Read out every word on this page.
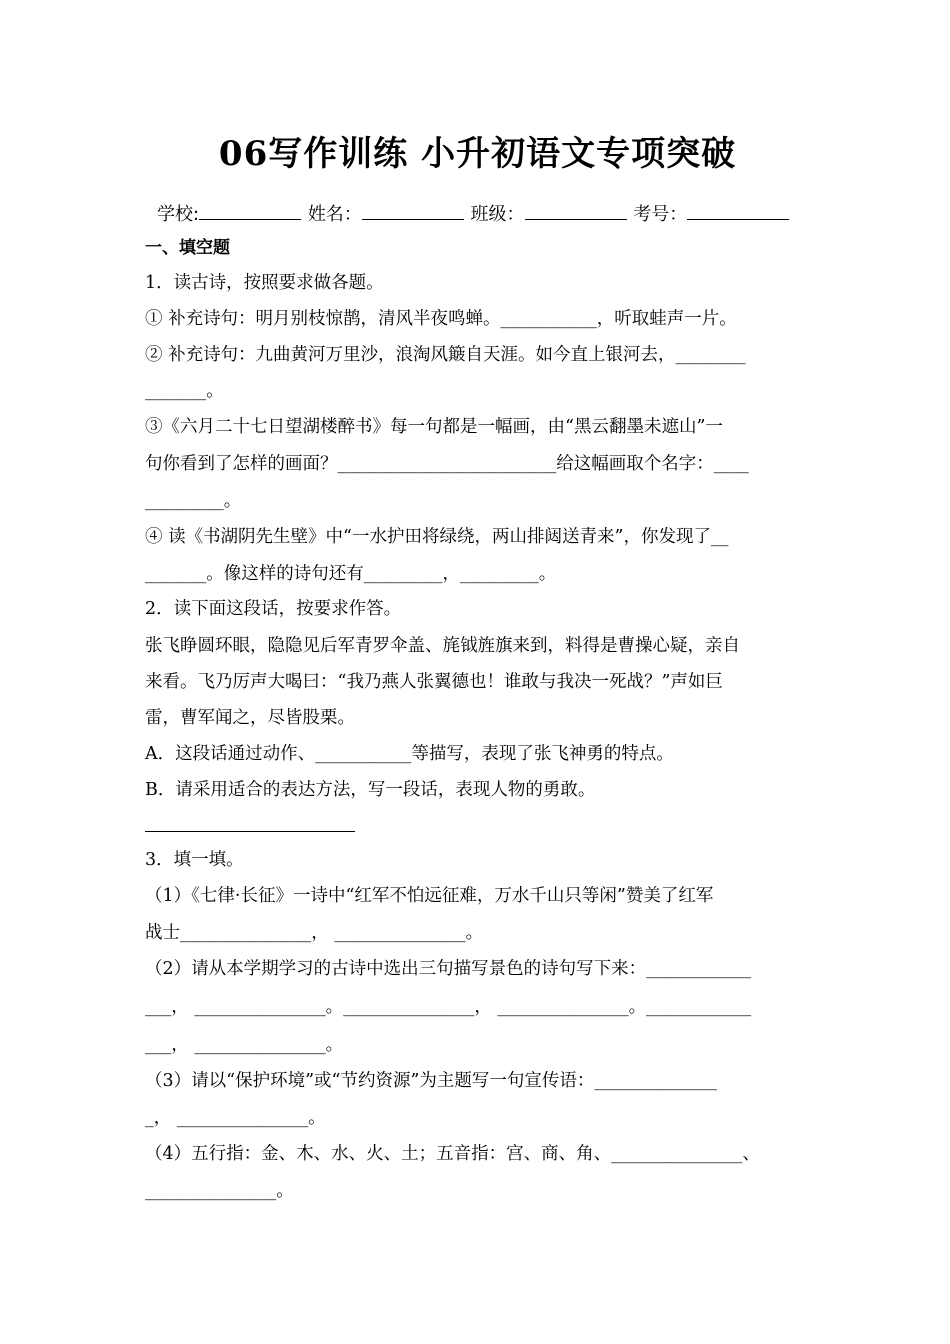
06写作训练 小升初语文专项突破
学校:	姓名：	班级：	考号：
一、填空题
1．读古诗，按照要求做各题。
① 补充诗句：明月别枝惊鹊，清风半夜鸣蝉。___________，听取蛙声一片。
② 补充诗句：九曲黄河万里沙，浪淘风簸自天涯。如今直上银河去，________
_______。
③《六月二十七日望湖楼醉书》每一句都是一幅画，由“黑云翻墨未遮山”一
句你看到了怎样的画面？_________________________给这幅画取个名字：____
_________。
④ 读《书湖阴先生壁》中“一水护田将绿绕，两山排闼送青来”，你发现了__
_______。像这样的诗句还有_________，_________。
2．读下面这段话，按要求作答。
张飞睁圆环眼，隐隐见后军青罗伞盖、旄钺旌旗来到，料得是曹操心疑，亲自
来看。飞乃厉声大喝曰：“我乃燕人张翼德也！谁敢与我决一死战？”声如巨
雷，曹军闻之，尽皆股栗。
A．这段话通过动作、___________等描写，表现了张飞神勇的特点。
B．请采用适合的表达方法，写一段话，表现人物的勇敢。
3．填一填。
（1）《七律·长征》一诗中“红军不怕远征难，万水千山只等闲”赞美了红军
战士_______________， _______________。
（2）请从本学期学习的古诗中选出三句描写景色的诗句写下来：____________
___， _______________。_______________， _______________。____________
___， _______________。
（3）请以“保护环境”或“节约资源”为主题写一句宣传语：______________
_， _______________。
（4）五行指：金、木、水、火、土；五音指：宫、商、角、_______________、
_______________。
